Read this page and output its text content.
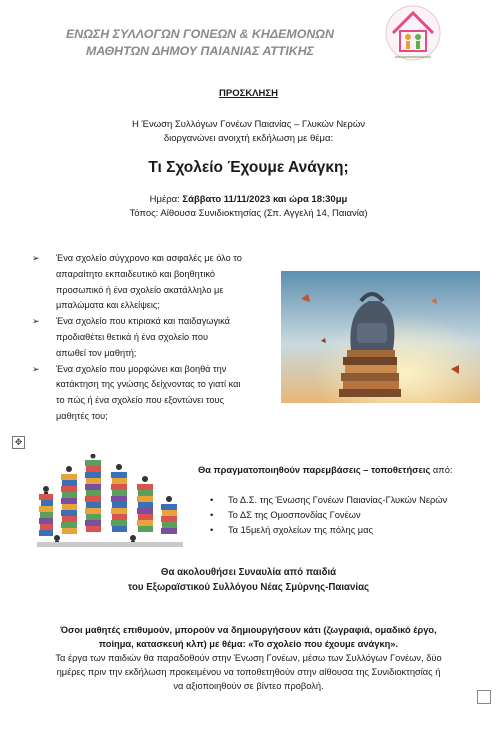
ΕΝΩΣΗ ΣΥΛΛΟΓΩΝ ΓΟΝΕΩΝ & ΚΗΔΕΜΟΝΩΝ
ΜΑΘΗΤΩΝ ΔΗΜΟΥ ΠΑΙΑΝΙΑΣ ΑΤΤΙΚΗΣ
ΠΡΟΣΚΛΗΣΗ
Η Ένωση Συλλόγων Γονέων Παιανίας – Γλυκών Νερών
διοργανώνει ανοιχτή εκδήλωση με θέμα:
Τι Σχολείο Έχουμε Ανάγκη;
Ημέρα: Σάββατο 11/11/2023 και ώρα 18:30μμ
Τόπος: Αίθουσα Συνιδιοκτησίας (Σπ. Αγγελή 14, Παιανία)
➢ Ένα σχολείο σύγχρονο και ασφαλές με όλο το
απαραίτητο εκπαιδευτικό και βοηθητικό
προσωπικό ή ένα σχολείο ακατάλληλο με
μπαλώματα και ελλείψεις;
➢ Ένα σχολείο που κτιριακά και παιδαγωγικά
προδιαθέτει θετικά ή ένα σχολείο που
απωθεί τον μαθητή;
➢ Ένα σχολείο που μορφώνει και βοηθά την
κατάκτηση της γνώσης δείχνοντας το γιατί και
το πώς ή ένα σχολείο που εξοντώνει τους
μαθητές του;
✥
Θα πραγματοποιηθούν παρεμβάσεις – τοποθετήσεις από:
• Το Δ.Σ. της Ένωσης Γονέων Παιανίας-Γλυκών Νερών
• Το ΔΣ της Ομοσπονδίας Γονέων
• Τα 15μελή σχολείων της πόλης μας
Θα ακολουθήσει Συναυλία από παιδιά
του Εξωραϊστικού Συλλόγου Νέας Σμύρνης-Παιανίας
Όσοι μαθητές επιθυμούν, μπορούν να δημιουργήσουν κάτι (ζωγραφιά, ομαδικό έργο,
ποίημα, κατασκευή κλπ) με θέμα: «Το σχολείο που έχουμε ανάγκη».
Τα έργα των παιδιών θα παραδοθούν στην Ένωση Γονέων, μέσω των Συλλόγων Γονέων, δύο
ημέρες πριν την εκδήλωση προκειμένου να τοποθετηθούν στην αίθουσα της Συνιδιοκτησίας ή
να αξιοποιηθούν σε βίντεο προβολή.
